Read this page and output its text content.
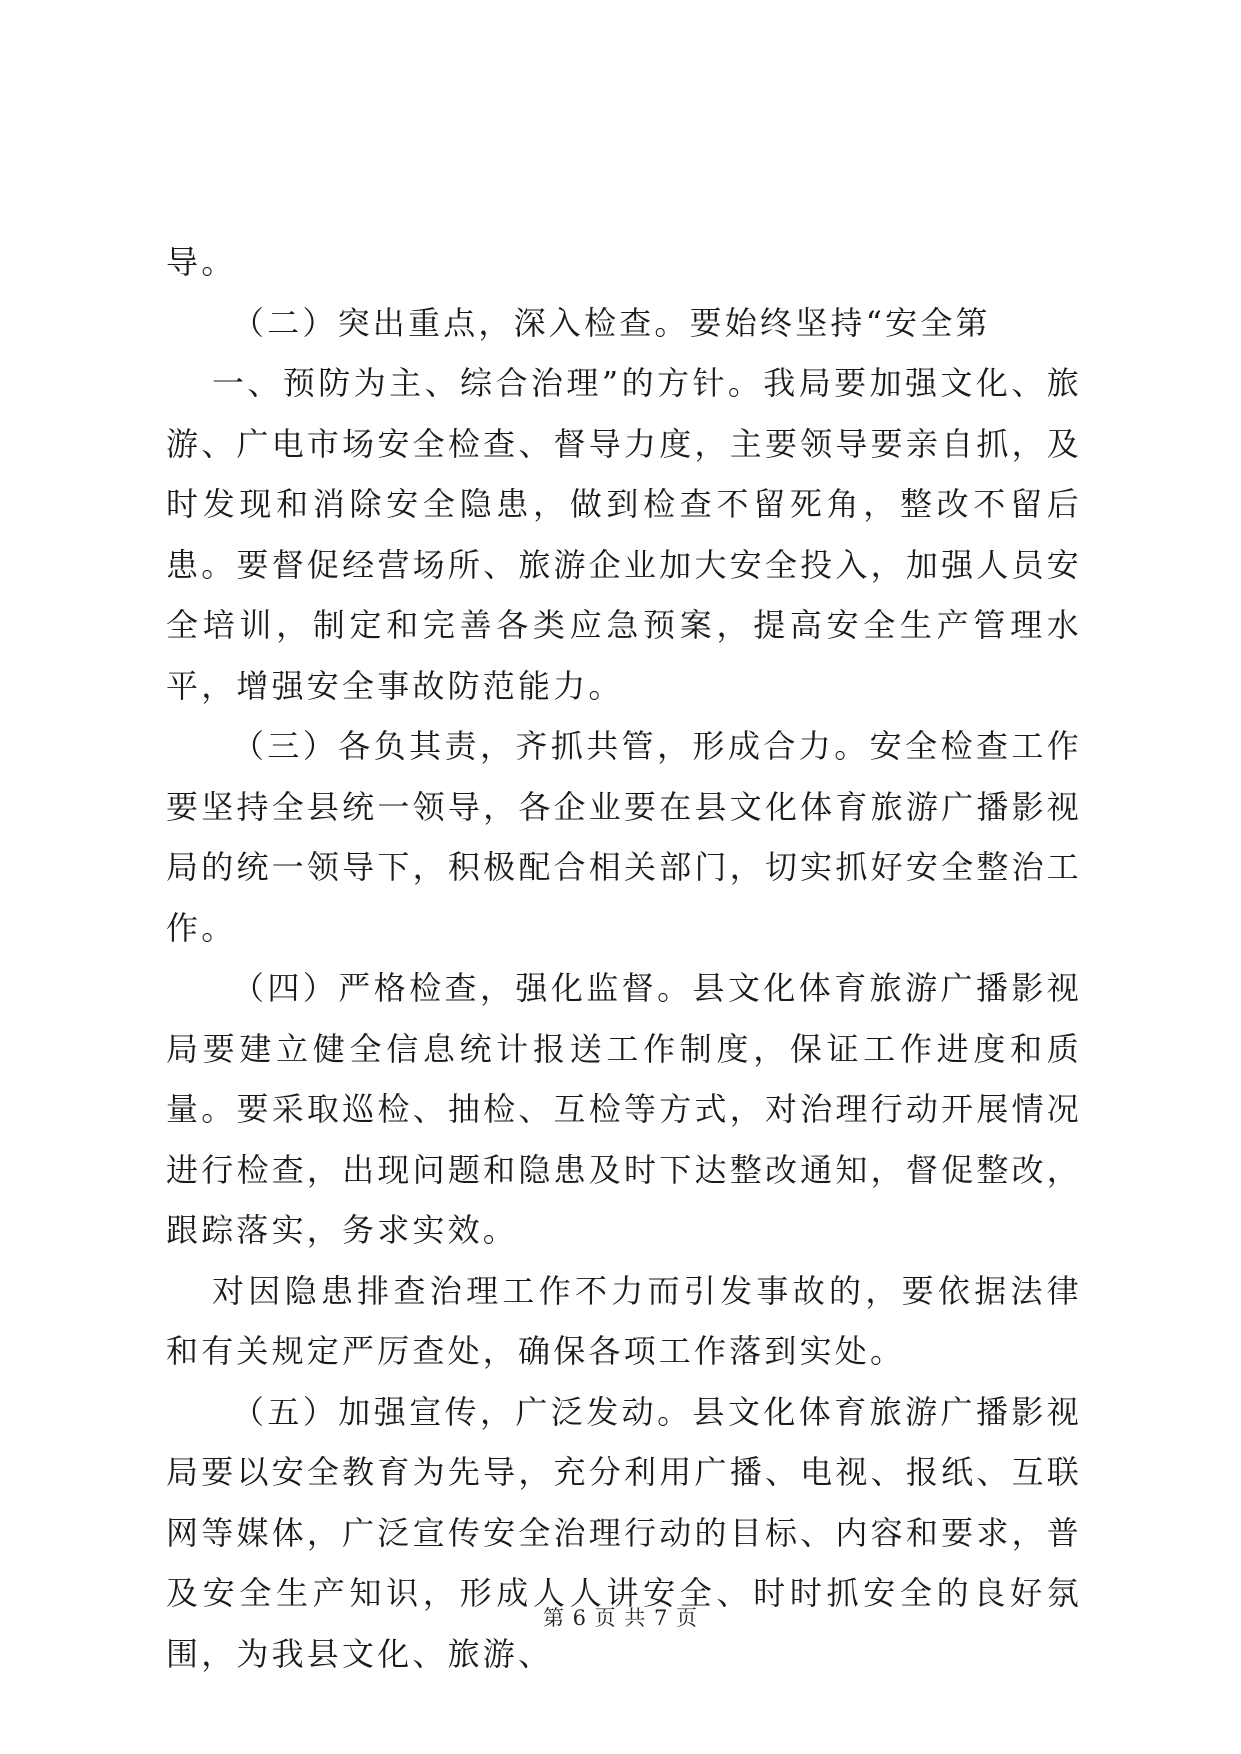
导。

（二）突出重点，深入检查。要始终坚持“安全第

一、预防为主、综合治理”的方针。我局要加强文化、旅游、广电市场安全检查、督导力度，主要领导要亲自抓，及时发现和消除安全隐患，做到检查不留死角，整改不留后患。要督促经营场所、旅游企业加大安全投入，加强人员安全培训，制定和完善各类应急预案，提高安全生产管理水平，增强安全事故防范能力。

（三）各负其责，齐抓共管，形成合力。安全检查工作要坚持全县统一领导，各企业要在县文化体育旅游广播影视局的统一领导下，积极配合相关部门，切实抓好安全整治工作。

（四）严格检查，强化监督。县文化体育旅游广播影视局要建立健全信息统计报送工作制度，保证工作进度和质量。要采取巡检、抽检、互检等方式，对治理行动开展情况进行检查，出现问题和隐患及时下达整改通知，督促整改，跟踪落实，务求实效。

对因隐患排查治理工作不力而引发事故的，要依据法律和有关规定严厉查处，确保各项工作落到实处。

（五）加强宣传，广泛发动。县文化体育旅游广播影视局要以安全教育为先导，充分利用广播、电视、报纸、互联网等媒体，广泛宣传安全治理行动的目标、内容和要求，普及安全生产知识，形成人人讲安全、时时抓安全的良好氛围，为我县文化、旅游、

第 6 页 共 7 页
